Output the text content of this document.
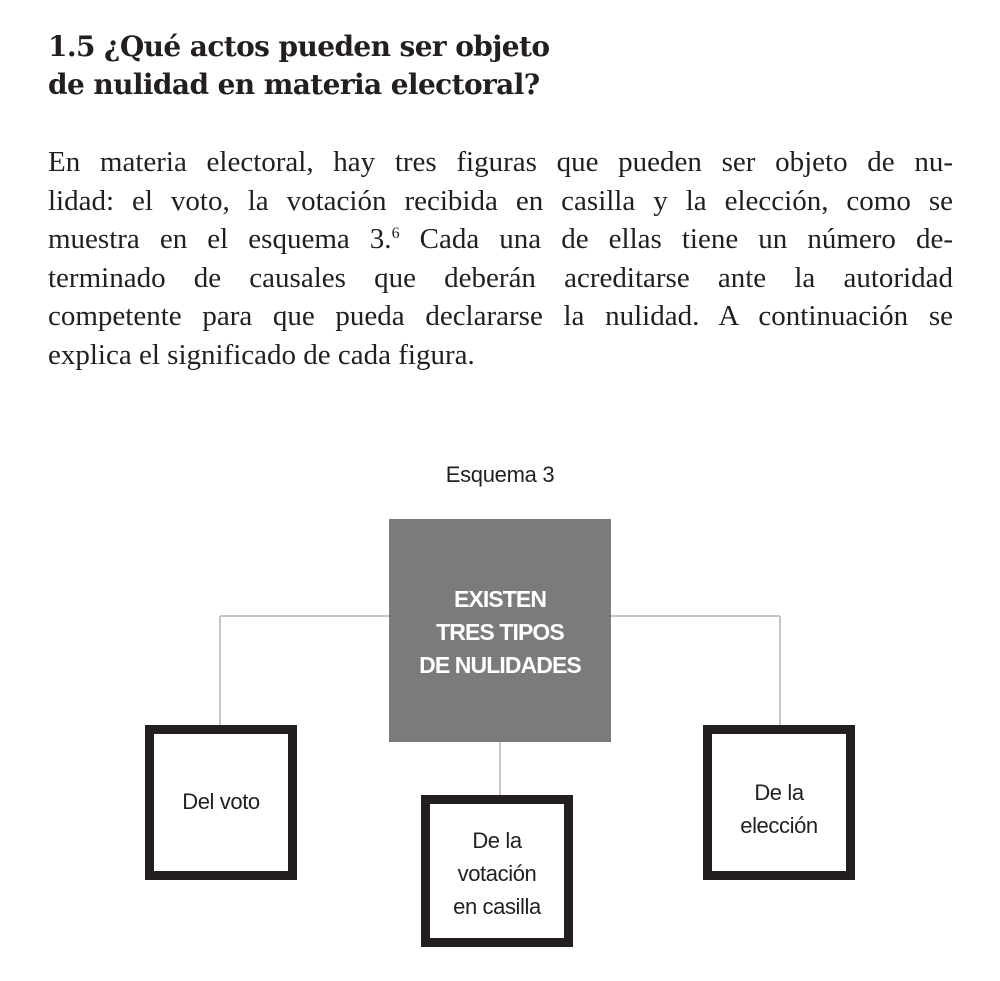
1.5 ¿Qué actos pueden ser objeto
de nulidad en materia electoral?

En materia electoral, hay tres figuras que pueden ser objeto de nu-
lidad: el voto, la votación recibida en casilla y la elección, como se
muestra en el esquema 3.$^6$ Cada una de ellas tiene un número de-
terminado de causales que deberán acreditarse ante la autoridad
competente para que pueda declararse la nulidad. A continuación se
explica el significado de cada figura.

Esquema 3
EXISTEN
TRES TIPOS
DE NULIDADES
Del voto
De la
votación
en casilla
De la
elección
